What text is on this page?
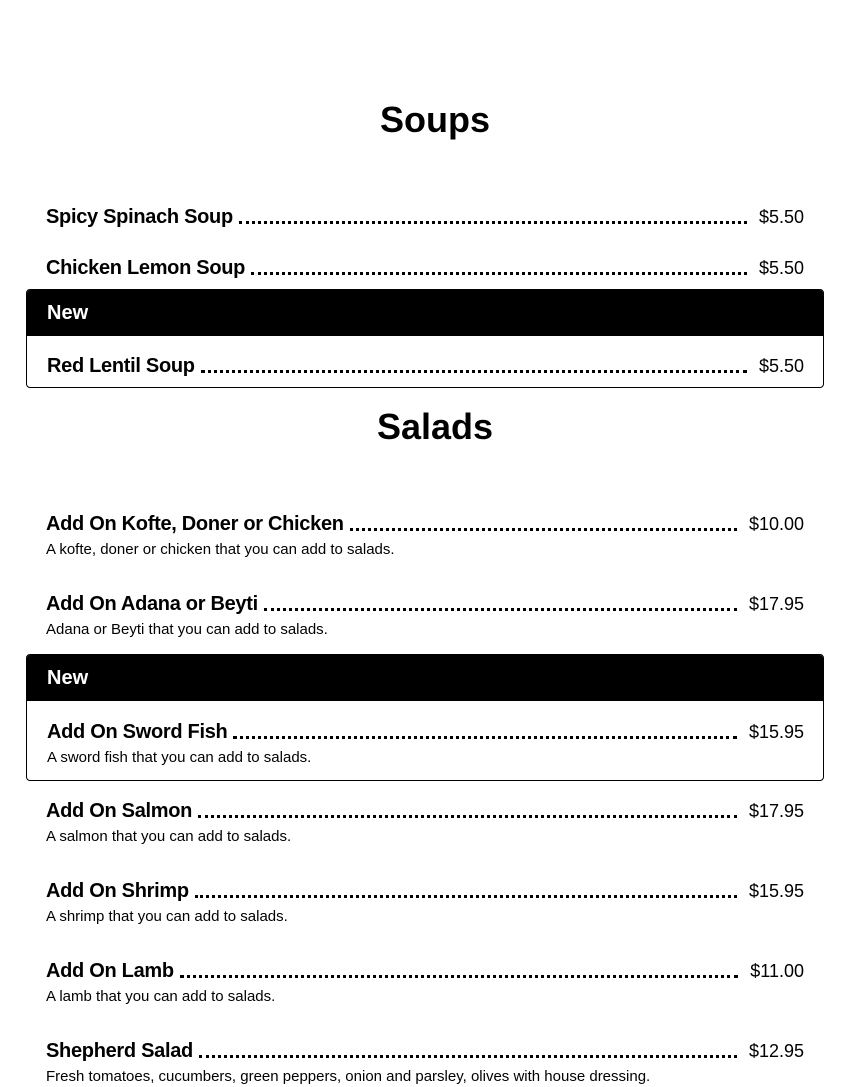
Soups
Spicy Spinach Soup	$5.50
Chicken Lemon Soup	$5.50
New
Red Lentil Soup	$5.50
Salads
Add On Kofte, Doner or Chicken	$10.00
A kofte, doner or chicken that you can add to salads.
Add On Adana or Beyti	$17.95
Adana or Beyti that you can add to salads.
New
Add On Sword Fish	$15.95
A sword fish that you can add to salads.
Add On Salmon	$17.95
A salmon that you can add to salads.
Add On Shrimp	$15.95
A shrimp that you can add to salads.
Add On Lamb	$11.00
A lamb that you can add to salads.
Shepherd Salad	$12.95
Fresh tomatoes, cucumbers, green peppers, onion and parsley, olives with house dressing.
